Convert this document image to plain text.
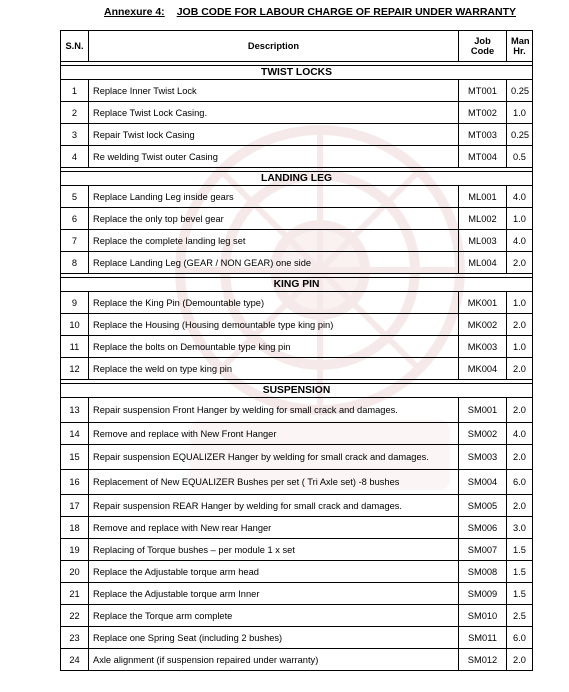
Annexure 4: JOB CODE FOR LABOUR CHARGE OF REPAIR UNDER WARRANTY
S.N.	Description	Job Code	Man Hr.

TWIST LOCKS			
1	Replace Inner Twist Lock	MT001	0.25
2	Replace Twist Lock Casing.	MT002	1.0
3	Repair Twist lock Casing	MT003	0.25
4	Re welding Twist outer Casing	MT004	0.5

LANDING LEG			
5	Replace Landing Leg inside gears	ML001	4.0
6	Replace the only top bevel gear	ML002	1.0
7	Replace the complete landing leg set	ML003	4.0
8	Replace Landing Leg (GEAR / NON GEAR) one side	ML004	2.0

KING PIN			
9	Replace the King Pin (Demountable type)	MK001	1.0
10	Replace the Housing (Housing demountable type king pin)	MK002	2.0
11	Replace the bolts on Demountable type king pin	MK003	1.0
12	Replace the weld on type king pin	MK004	2.0

SUSPENSION			
13	Repair suspension Front Hanger by welding for small crack and damages.	SM001	2.0
14	Remove and replace with New Front Hanger	SM002	4.0
15	Repair suspension EQUALIZER Hanger by welding for small crack and damages.	SM003	2.0
16	Replacement of New EQUALIZER Bushes per set ( Tri Axle set) -8 bushes	SM004	6.0
17	Repair suspension REAR Hanger by welding for small crack and damages.	SM005	2.0
18	Remove and replace with New rear Hanger	SM006	3.0
19	Replacing of Torque bushes – per module 1 x set	SM007	1.5
20	Replace the Adjustable torque arm head	SM008	1.5
21	Replace the Adjustable torque arm Inner	SM009	1.5
22	Replace the Torque arm complete	SM010	2.5
23	Replace one Spring Seat (including 2 bushes)	SM011	6.0
24	Axle alignment (if suspension repaired under warranty)	SM012	2.0
